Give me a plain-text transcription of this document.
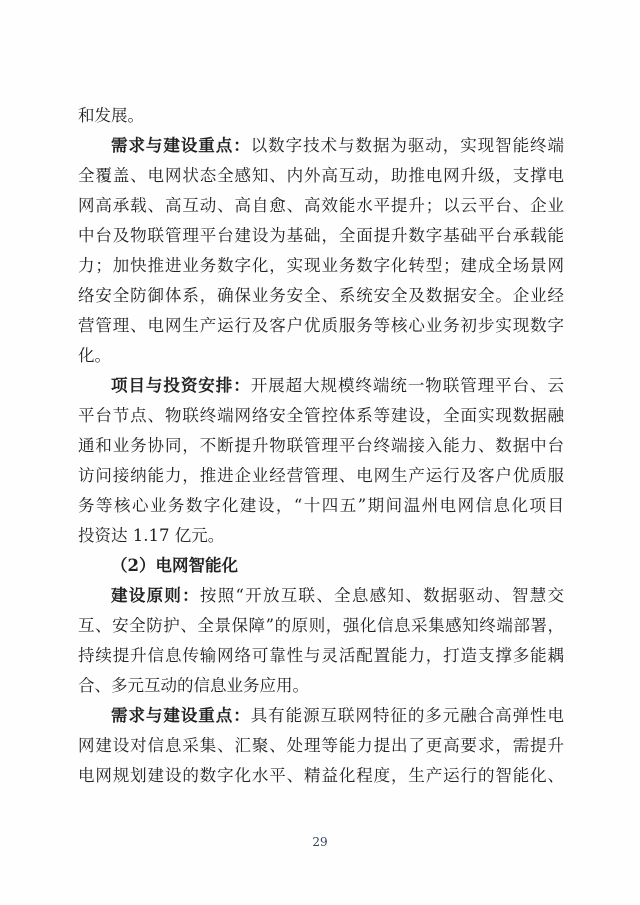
和发展。
需求与建设重点：以数字技术与数据为驱动，实现智能终端
全覆盖、电网状态全感知、内外高互动，助推电网升级，支撑电
网高承载、高互动、高自愈、高效能水平提升；以云平台、企业
中台及物联管理平台建设为基础，全面提升数字基础平台承载能
力；加快推进业务数字化，实现业务数字化转型；建成全场景网
络安全防御体系，确保业务安全、系统安全及数据安全。企业经
营管理、电网生产运行及客户优质服务等核心业务初步实现数字
化。
项目与投资安排：开展超大规模终端统一物联管理平台、云
平台节点、物联终端网络安全管控体系等建设，全面实现数据融
通和业务协同，不断提升物联管理平台终端接入能力、数据中台
访问接纳能力，推进企业经营管理、电网生产运行及客户优质服
务等核心业务数字化建设，“十四五”期间温州电网信息化项目
投资达 1.17 亿元。
（2）电网智能化
建设原则：按照“开放互联、全息感知、数据驱动、智慧交
互、安全防护、全景保障”的原则，强化信息采集感知终端部署，
持续提升信息传输网络可靠性与灵活配置能力，打造支撑多能耦
合、多元互动的信息业务应用。
需求与建设重点：具有能源互联网特征的多元融合高弹性电
网建设对信息采集、汇聚、处理等能力提出了更高要求，需提升
电网规划建设的数字化水平、精益化程度，生产运行的智能化、
29
